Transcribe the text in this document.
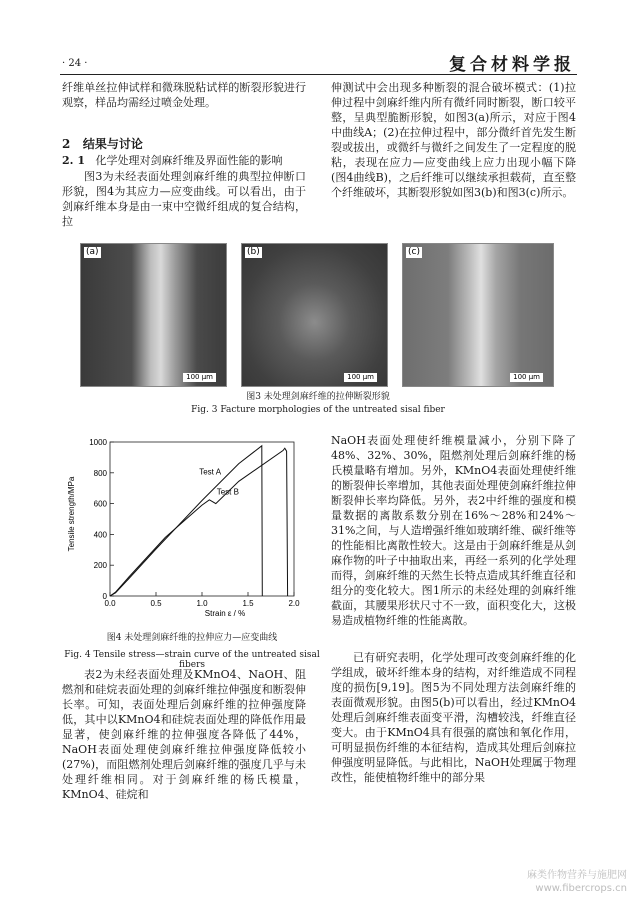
· 24 ·	复合材料学报
纤维单丝拉伸试样和微珠脱粘试样的断裂形貌进行观察，样品均需经过喷金处理。
2 结果与讨论
2. 1 化学处理对剑麻纤维及界面性能的影响
图3为未经表面处理剑麻纤维的典型拉伸断口形貌，图4为其应力—应变曲线。可以看出，由于剑麻纤维本身是由一束中空微纤组成的复合结构，拉
伸测试中会出现多种断裂的混合破坏模式：(1)拉伸过程中剑麻纤维内所有微纤同时断裂，断口较平整，呈典型脆断形貌，如图3(a)所示，对应于图4中曲线A；(2)在拉伸过程中，部分微纤首先发生断裂或拔出，或微纤与微纤之间发生了一定程度的脱粘，表现在应力—应变曲线上应力出现小幅下降(图4曲线B)，之后纤维可以继续承担载荷，直至整个纤维破坏，其断裂形貌如图3(b)和图3(c)所示。
(a)
100 μm
(b)
100 μm
(c)
100 μm
图3 未处理剑麻纤维的拉伸断裂形貌
Fig. 3 Facture morphologies of the untreated sisal fiber
0
200
400
600
800
1000
0.0	0.5	1.0	1.5	2.0
Test A
Test B
Tensile strength/MPa
Strain ε / %
图4 未处理剑麻纤维的拉伸应力—应变曲线
Fig. 4 Tensile stress—strain curve of the untreated sisal fibers
表2为未经表面处理及KMnO4、NaOH、阻燃剂和硅烷表面处理的剑麻纤维拉伸强度和断裂伸长率。可知，表面处理后剑麻纤维的拉伸强度降低，其中以KMnO4和硅烷表面处理的降低作用最显著，使剑麻纤维的拉伸强度各降低了44%，NaOH表面处理使剑麻纤维拉伸强度降低较小(27%)，而阻燃剂处理后剑麻纤维的强度几乎与未处理纤维相同。对于剑麻纤维的杨氏模量，KMnO4、硅烷和
NaOH表面处理使纤维模量减小，分别下降了48%、32%、30%，阻燃剂处理后剑麻纤维的杨氏模量略有增加。另外，KMnO4表面处理使纤维的断裂伸长率增加，其他表面处理使剑麻纤维拉伸断裂伸长率均降低。另外，表2中纤维的强度和模量数据的离散系数分别在16%～28%和24%～31%之间，与人造增强纤维如玻璃纤维、碳纤维等的性能相比离散性较大。这是由于剑麻纤维是从剑麻作物的叶子中抽取出来，再经一系列的化学处理而得，剑麻纤维的天然生长特点造成其纤维直径和组分的变化较大。图1所示的未经处理的剑麻纤维截面，其腰果形状尺寸不一致，面积变化大，这极易造成植物纤维的性能离散。
已有研究表明，化学处理可改变剑麻纤维的化学组成，破坏纤维本身的结构，对纤维造成不同程度的损伤[9,19]。图5为不同处理方法剑麻纤维的表面微观形貌。由图5(b)可以看出，经过KMnO4处理后剑麻纤维表面变平滑，沟槽较浅，纤维直径变大。由于KMnO4具有很强的腐蚀和氧化作用，可明显损伤纤维的本征结构，造成其处理后剑麻拉伸强度明显降低。与此相比，NaOH处理属于物理改性，能使植物纤维中的部分果
麻类作物营养与施肥网
www.fibercrops.cn
